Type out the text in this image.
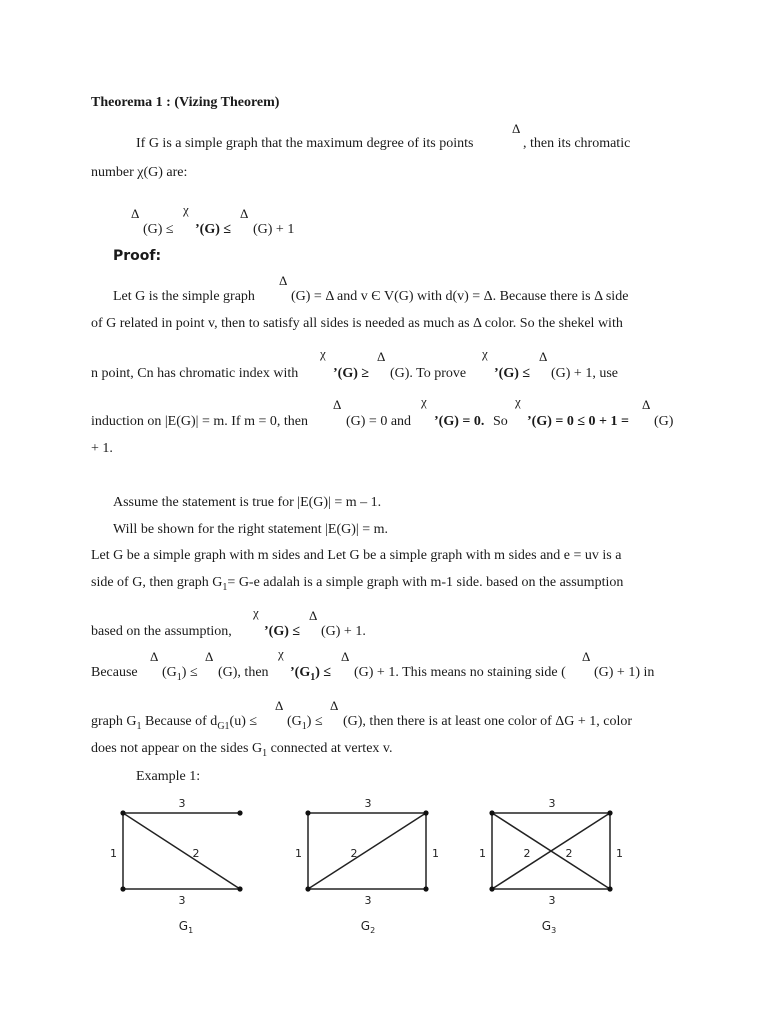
Theorema 1 : (Vizing Theorem)
Δ
If G is a simple graph that the maximum degree of its points	, then its chromatic
number χ(G) are:
Δ	χ	Δ
(G) ≤ ’(G) ≤ (G) + 1
Proof:
Δ
Let G is the simple graph	(G) = Δ and v Є V(G) with d(v) = Δ. Because there is Δ side
of G related in point v, then to satisfy all sides is needed as much as Δ color. So the shekel with
χ	Δ	χ	Δ
n point, Cn has chromatic index with ’(G) ≥ (G). To prove ’(G) ≤ (G) + 1, use
Δ	χ	χ	Δ
induction on |E(G)| = m. If m = 0, then	(G) = 0 and ’(G) = 0. So ’(G) = 0 ≤ 0 + 1 = (G)
+ 1.
Assume the statement is true for |E(G)| = m – 1.
Will be shown for the right statement |E(G)| = m.
Let G be a simple graph with m sides and Let G be a simple graph with m sides and e = uv is a
side of G, then graph $G_1= G-e$ adalah is a simple graph with m-1 side. based on the assumption
χ	Δ
based on the assumption, ’(G) ≤ (G) + 1.
Δ	Δ	χ	Δ	Δ
Because $(G_1) \le (G)$, then $’(G_1) \le (G) + 1$. This means no staining side ( (G) + 1) in
Δ	Δ
graph $G_1$ Because of $d_{G1}(u) \le (G_1) \le (G)$, then there is at least one color of ΔG + 1, color
does not appear on the sides $G_1$ connected at vertex v.
Example 1:
3
1	2
3
$G_1$
3
1	2	1
3
$G_2$
3
1	2	2	1
3
$G_3$
